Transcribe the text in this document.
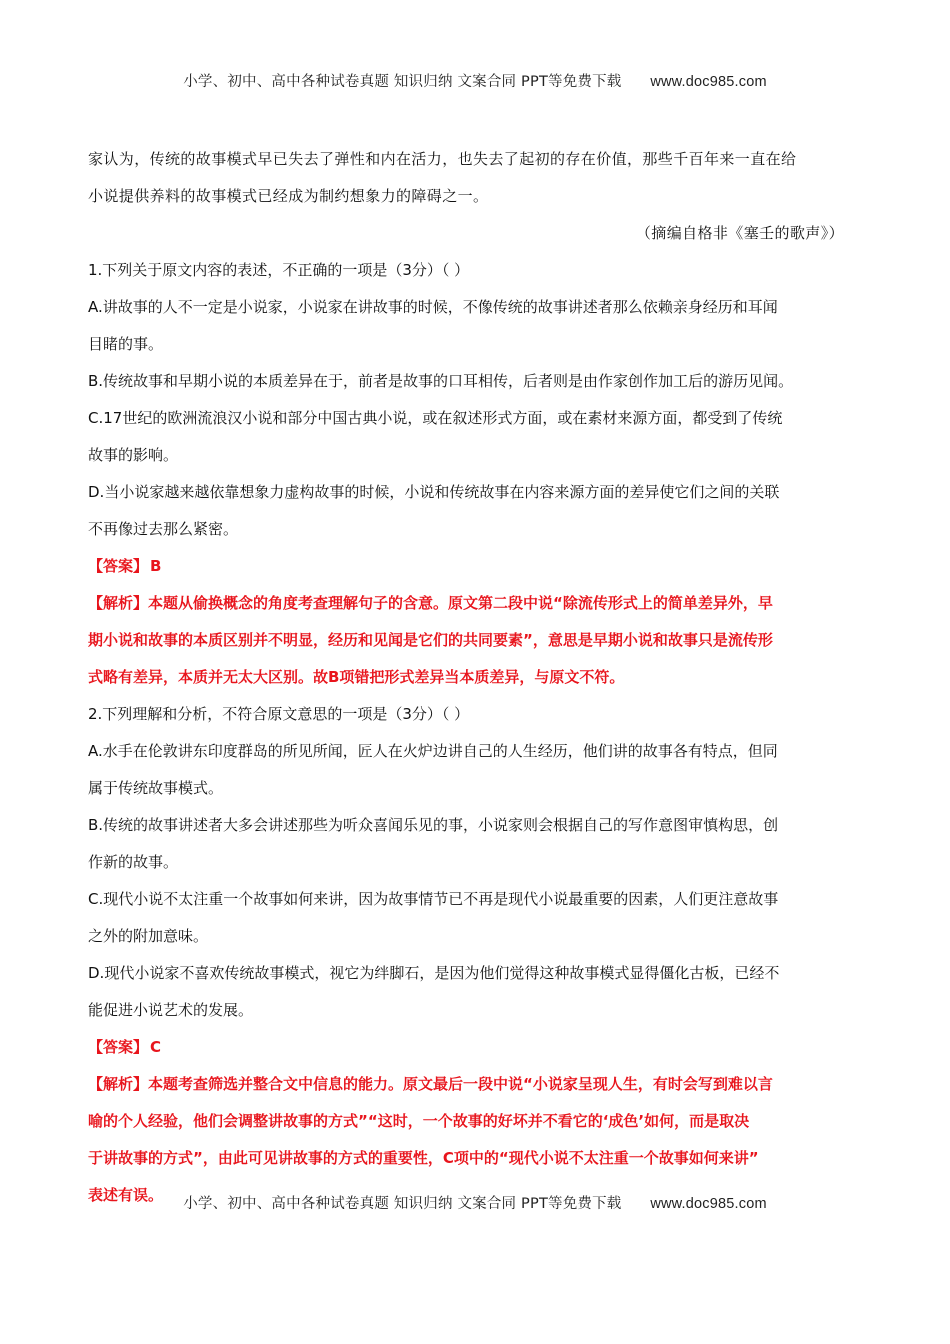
小学、初中、高中各种试卷真题 知识归纳 文案合同 PPT等免费下载 www.doc985.com
家认为，传统的故事模式早已失去了弹性和内在活力，也失去了起初的存在价值，那些千百年来一直在给
小说提供养料的故事模式已经成为制约想象力的障碍之一。
（摘编自格非《塞壬的歌声》）
1.下列关于原文内容的表述，不正确的一项是（3分）（ ）
A.讲故事的人不一定是小说家，小说家在讲故事的时候，不像传统的故事讲述者那么依赖亲身经历和耳闻
目睹的事。
B.传统故事和早期小说的本质差异在于，前者是故事的口耳相传，后者则是由作家创作加工后的游历见闻。
C.17世纪的欧洲流浪汉小说和部分中国古典小说，或在叙述形式方面，或在素材来源方面，都受到了传统
故事的影响。
D.当小说家越来越依靠想象力虚构故事的时候，小说和传统故事在内容来源方面的差异使它们之间的关联
不再像过去那么紧密。
【答案】 B
【解析】本题从偷换概念的角度考查理解句子的含意。原文第二段中说“除流传形式上的简单差异外，早
期小说和故事的本质区别并不明显，经历和见闻是它们的共同要素”，意思是早期小说和故事只是流传形
式略有差异，本质并无太大区别。故B项错把形式差异当本质差异，与原文不符。
2.下列理解和分析，不符合原文意思的一项是（3分）（ ）
A.水手在伦敦讲东印度群岛的所见所闻，匠人在火炉边讲自己的人生经历，他们讲的故事各有特点，但同
属于传统故事模式。
B.传统的故事讲述者大多会讲述那些为听众喜闻乐见的事，小说家则会根据自己的写作意图审慎构思，创
作新的故事。
C.现代小说不太注重一个故事如何来讲，因为故事情节已不再是现代小说最重要的因素，人们更注意故事
之外的附加意味。
D.现代小说家不喜欢传统故事模式，视它为绊脚石，是因为他们觉得这种故事模式显得僵化古板，已经不
能促进小说艺术的发展。
【答案】 C
【解析】本题考查筛选并整合文中信息的能力。原文最后一段中说“小说家呈现人生，有时会写到难以言
喻的个人经验，他们会调整讲故事的方式”“这时，一个故事的好坏并不看它的‘成色’如何，而是取决
于讲故事的方式”，由此可见讲故事的方式的重要性，C项中的“现代小说不太注重一个故事如何来讲”
表述有误。	小学、初中、高中各种试卷真题 知识归纳 文案合同 PPT等免费下载 www.doc985.com
